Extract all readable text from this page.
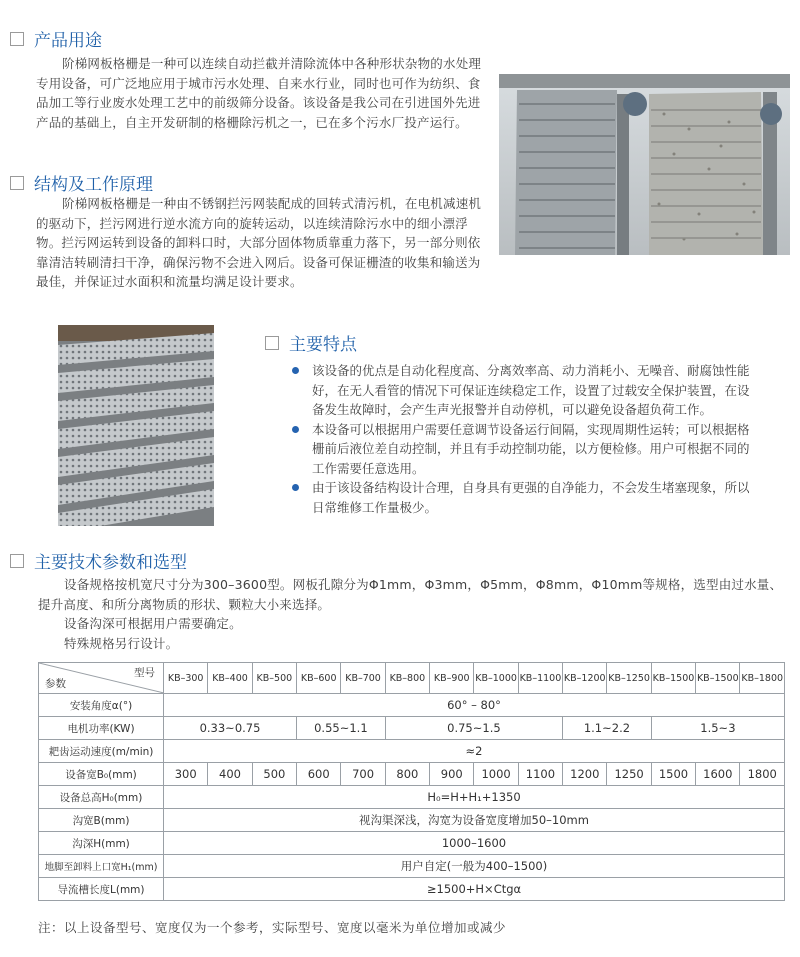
产品用途
阶梯网板格栅是一种可以连续自动拦截并清除流体中各种形状杂物的水处理专用设备，可广泛地应用于城市污水处理、自来水行业，同时也可作为纺织、食品加工等行业废水处理工艺中的前级筛分设备。该设备是我公司在引进国外先进产品的基础上，自主开发研制的格栅除污机之一，已在多个污水厂投产运行。
结构及工作原理
阶梯网板格栅是一种由不锈钢拦污网装配成的回转式清污机，在电机减速机的驱动下，拦污网进行逆水流方向的旋转运动，以连续清除污水中的细小漂浮物。拦污网运转到设备的卸料口时，大部分固体物质靠重力落下，另一部分则依靠清洁转刷清扫干净，确保污物不会进入网后。设备可保证栅渣的收集和输送为最佳，并保证过水面积和流量均满足设计要求。
主要特点
该设备的优点是自动化程度高、分离效率高、动力消耗小、无噪音、耐腐蚀性能好，在无人看管的情况下可保证连续稳定工作，设置了过载安全保护装置，在设备发生故障时，会产生声光报警并自动停机，可以避免设备超负荷工作。
本设备可以根据用户需要任意调节设备运行间隔，实现周期性运转；可以根据格栅前后液位差自动控制，并且有手动控制功能，以方便检修。用户可根据不同的工作需要任意选用。
由于该设备结构设计合理，自身具有更强的自净能力，不会发生堵塞现象，所以日常维修工作量极少。
主要技术参数和选型
设备规格按机宽尺寸分为300–3600型。网板孔隙分为Φ1mm，Φ3mm，Φ5mm，Φ8mm，Φ10mm等规格，选型由过水量、提升高度、和所分离物质的形状、颗粒大小来选择。
设备沟深可根据用户需要确定。
特殊规格另行设计。
型号
参数	KB–300	KB–400	KB–500	KB–600	KB–700	KB–800	KB–900	KB–1000	KB–1100	KB–1200	KB–1250	KB–1500	KB–1500	KB–1800
安装角度α(°)	60° – 80°													
电机功率(KW)	0.33~0.75			0.55~1.1		0.75~1.5				1.1~2.2		1.5~3		
耙齿运动速度(m/min)	≈2													
设备宽B₀(mm)	300	400	500	600	700	800	900	1000	1100	1200	1250	1500	1600	1800
设备总高H₀(mm)	H₀=H+H₁+1350													
沟宽B(mm)	视沟渠深浅，沟宽为设备宽度增加50–10mm													
沟深H(mm)	1000–1600													
地脚至卸料上口宽H₁(mm)	用户自定(一般为400–1500)													
导流槽长度L(mm)	≥1500+H×Ctgα													
注：以上设备型号、宽度仅为一个参考，实际型号、宽度以毫米为单位增加或减少
